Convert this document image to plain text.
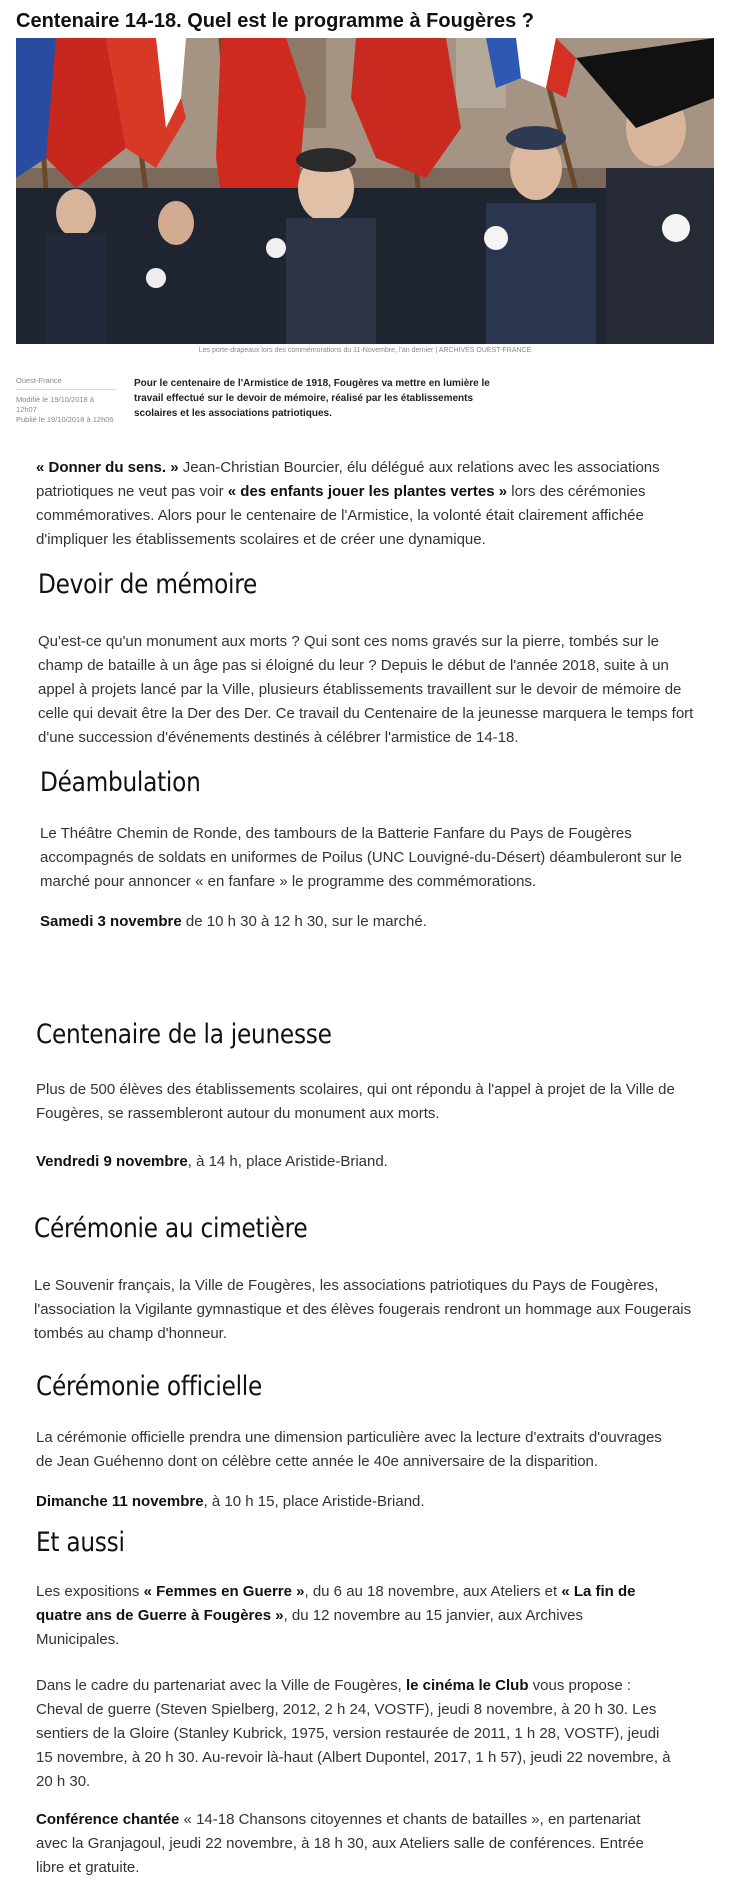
Centenaire 14-18. Quel est le programme à Fougères ?
Les porte-drapeaux lors des commémorations du 11-Novembre, l'an dernier | ARCHIVES OUEST-FRANCE
Ouest-France
Modifié le 19/10/2018 à 12h07
Publié le 19/10/2018 à 12h06
Pour le centenaire de l'Armistice de 1918, Fougères va mettre en lumière le travail effectué sur le devoir de mémoire, réalisé par les établissements scolaires et les associations patriotiques.
« Donner du sens. » Jean-Christian Bourcier, élu délégué aux relations avec les associations patriotiques ne veut pas voir « des enfants jouer les plantes vertes » lors des cérémonies commémoratives. Alors pour le centenaire de l'Armistice, la volonté était clairement affichée d'impliquer les établissements scolaires et de créer une dynamique.
Devoir de mémoire
Qu'est-ce qu'un monument aux morts ? Qui sont ces noms gravés sur la pierre, tombés sur le champ de bataille à un âge pas si éloigné du leur ? Depuis le début de l'année 2018, suite à un appel à projets lancé par la Ville, plusieurs établissements travaillent sur le devoir de mémoire de celle qui devait être la Der des Der. Ce travail du Centenaire de la jeunesse marquera le temps fort d'une succession d'événements destinés à célébrer l'armistice de 14-18.
Déambulation
Le Théâtre Chemin de Ronde, des tambours de la Batterie Fanfare du Pays de Fougères accompagnés de soldats en uniformes de Poilus (UNC Louvigné-du-Désert) déambuleront sur le marché pour annoncer « en fanfare » le programme des commémorations.
Samedi 3 novembre de 10 h 30 à 12 h 30, sur le marché.
Centenaire de la jeunesse
Plus de 500 élèves des établissements scolaires, qui ont répondu à l'appel à projet de la Ville de Fougères, se rassembleront autour du monument aux morts.
Vendredi 9 novembre, à 14 h, place Aristide-Briand.
Cérémonie au cimetière
Le Souvenir français, la Ville de Fougères, les associations patriotiques du Pays de Fougères, l'association la Vigilante gymnastique et des élèves fougerais rendront un hommage aux Fougerais tombés au champ d'honneur.
Cérémonie officielle
La cérémonie officielle prendra une dimension particulière avec la lecture d'extraits d'ouvrages de Jean Guéhenno dont on célèbre cette année le 40e anniversaire de la disparition.
Dimanche 11 novembre, à 10 h 15, place Aristide-Briand.
Et aussi
Les expositions « Femmes en Guerre », du 6 au 18 novembre, aux Ateliers et « La fin de quatre ans de Guerre à Fougères », du 12 novembre au 15 janvier, aux Archives Municipales.
Dans le cadre du partenariat avec la Ville de Fougères, le cinéma le Club vous propose : Cheval de guerre (Steven Spielberg, 2012, 2 h 24, VOSTF), jeudi 8 novembre, à 20 h 30. Les sentiers de la Gloire (Stanley Kubrick, 1975, version restaurée de 2011, 1 h 28, VOSTF), jeudi 15 novembre, à 20 h 30. Au-revoir là-haut (Albert Dupontel, 2017, 1 h 57), jeudi 22 novembre, à 20 h 30.
Conférence chantée « 14-18 Chansons citoyennes et chants de batailles », en partenariat avec la Granjagoul, jeudi 22 novembre, à 18 h 30, aux Ateliers salle de conférences. Entrée libre et gratuite.
